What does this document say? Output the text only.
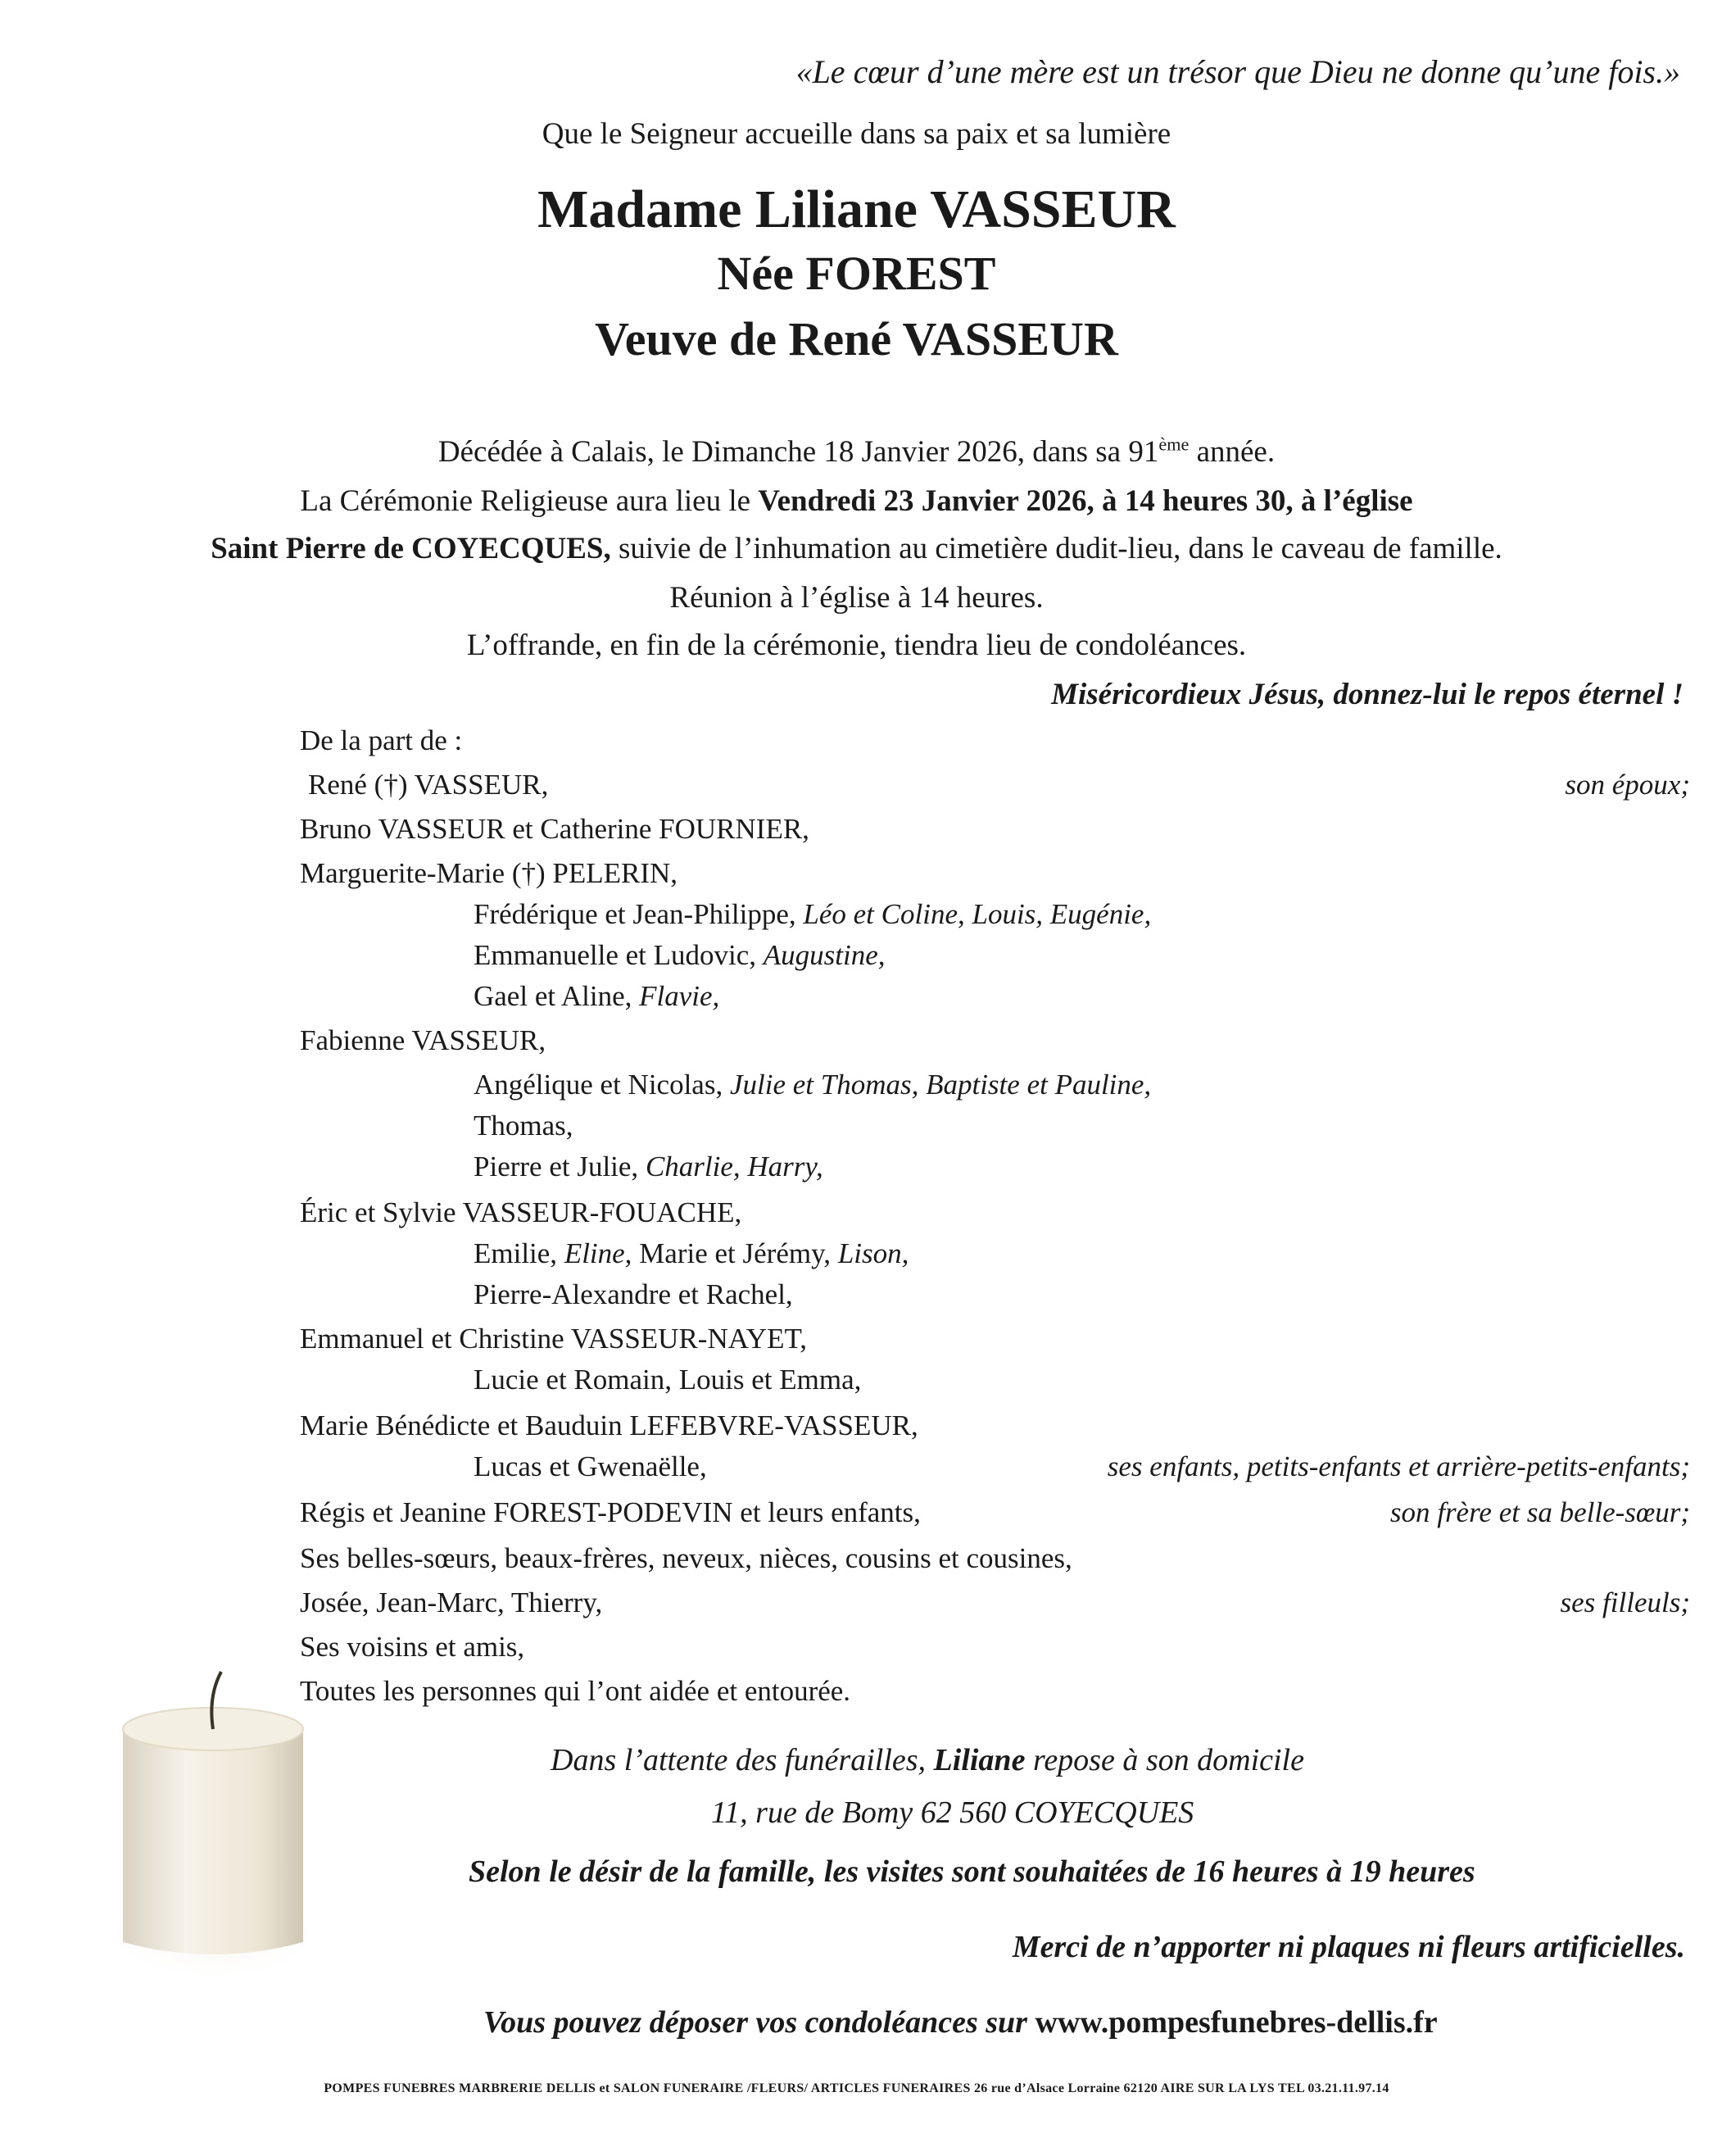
«Le cœur d’une mère est un trésor que Dieu ne donne qu’une fois.»
Que le Seigneur accueille dans sa paix et sa lumière
Madame Liliane VASSEUR
Née FOREST
Veuve de René VASSEUR
Décédée à Calais, le Dimanche 18 Janvier 2026, dans sa 91ème année.
La Cérémonie Religieuse aura lieu le Vendredi 23 Janvier 2026, à 14 heures 30, à l’église
Saint Pierre de COYECQUES, suivie de l’inhumation au cimetière dudit-lieu, dans le caveau de famille.
Réunion à l’église à 14 heures.
L’offrande, en fin de la cérémonie, tiendra lieu de condoléances.
Miséricordieux Jésus, donnez-lui le repos éternel !
De la part de :
René (†) VASSEUR,	son époux;
Bruno VASSEUR et Catherine FOURNIER,
Marguerite-Marie (†) PELERIN,
Frédérique et Jean-Philippe, Léo et Coline, Louis, Eugénie,
Emmanuelle et Ludovic, Augustine,
Gael et Aline, Flavie,
Fabienne VASSEUR,
Angélique et Nicolas, Julie et Thomas, Baptiste et Pauline,
Thomas,
Pierre et Julie, Charlie, Harry,
Éric et Sylvie VASSEUR-FOUACHE,
Emilie, Eline, Marie et Jérémy, Lison,
Pierre-Alexandre et Rachel,
Emmanuel et Christine VASSEUR-NAYET,
Lucie et Romain, Louis et Emma,
Marie Bénédicte et Bauduin LEFEBVRE-VASSEUR,
Lucas et Gwenaëlle,	ses enfants, petits-enfants et arrière-petits-enfants;
Régis et Jeanine FOREST-PODEVIN et leurs enfants,	son frère et sa belle-sœur;
Ses belles-sœurs, beaux-frères, neveux, nièces, cousins et cousines,
Josée, Jean-Marc, Thierry,	ses filleuls;
Ses voisins et amis,
Toutes les personnes qui l’ont aidée et entourée.
Dans l’attente des funérailles, Liliane repose à son domicile
11, rue de Bomy 62 560 COYECQUES
Selon le désir de la famille, les visites sont souhaitées de 16 heures à 19 heures
Merci de n’apporter ni plaques ni fleurs artificielles.
Vous pouvez déposer vos condoléances sur www.pompesfunebres-dellis.fr
POMPES FUNEBRES MARBRERIE DELLIS et SALON FUNERAIRE /FLEURS/ ARTICLES FUNERAIRES 26 rue d’Alsace Lorraine 62120 AIRE SUR LA LYS TEL 03.21.11.97.14
